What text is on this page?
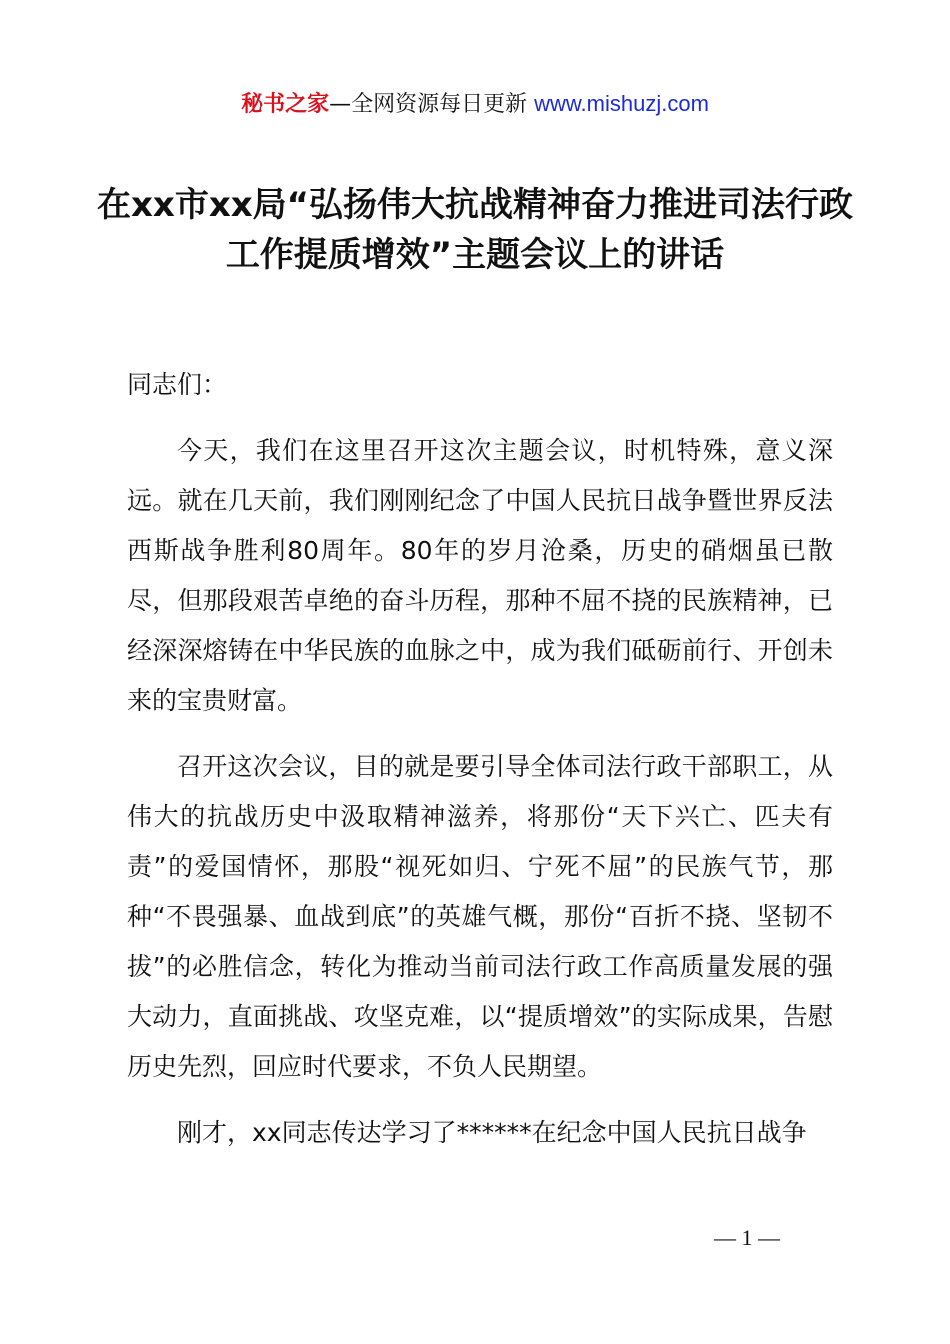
秘书之家—全网资源每日更新 www.mishuzj.com
在xx市xx局“弘扬伟大抗战精神奋力推进司法行政工作提质增效”主题会议上的讲话

同志们：

今天，我们在这里召开这次主题会议，时机特殊，意义深远。就在几天前，我们刚刚纪念了中国人民抗日战争暨世界反法西斯战争胜利80周年。80年的岁月沧桑，历史的硝烟虽已散尽，但那段艰苦卓绝的奋斗历程，那种不屈不挠的民族精神，已经深深熔铸在中华民族的血脉之中，成为我们砥砺前行、开创未来的宝贵财富。

召开这次会议，目的就是要引导全体司法行政干部职工，从伟大的抗战历史中汲取精神滋养，将那份“天下兴亡、匹夫有责”的爱国情怀，那股“视死如归、宁死不屈”的民族气节，那种“不畏强暴、血战到底”的英雄气概，那份“百折不挠、坚韧不拔”的必胜信念，转化为推动当前司法行政工作高质量发展的强大动力，直面挑战、攻坚克难，以“提质增效”的实际成果，告慰历史先烈，回应时代要求，不负人民期望。

刚才，xx同志传达学习了******在纪念中国人民抗日战争

— 1 —
